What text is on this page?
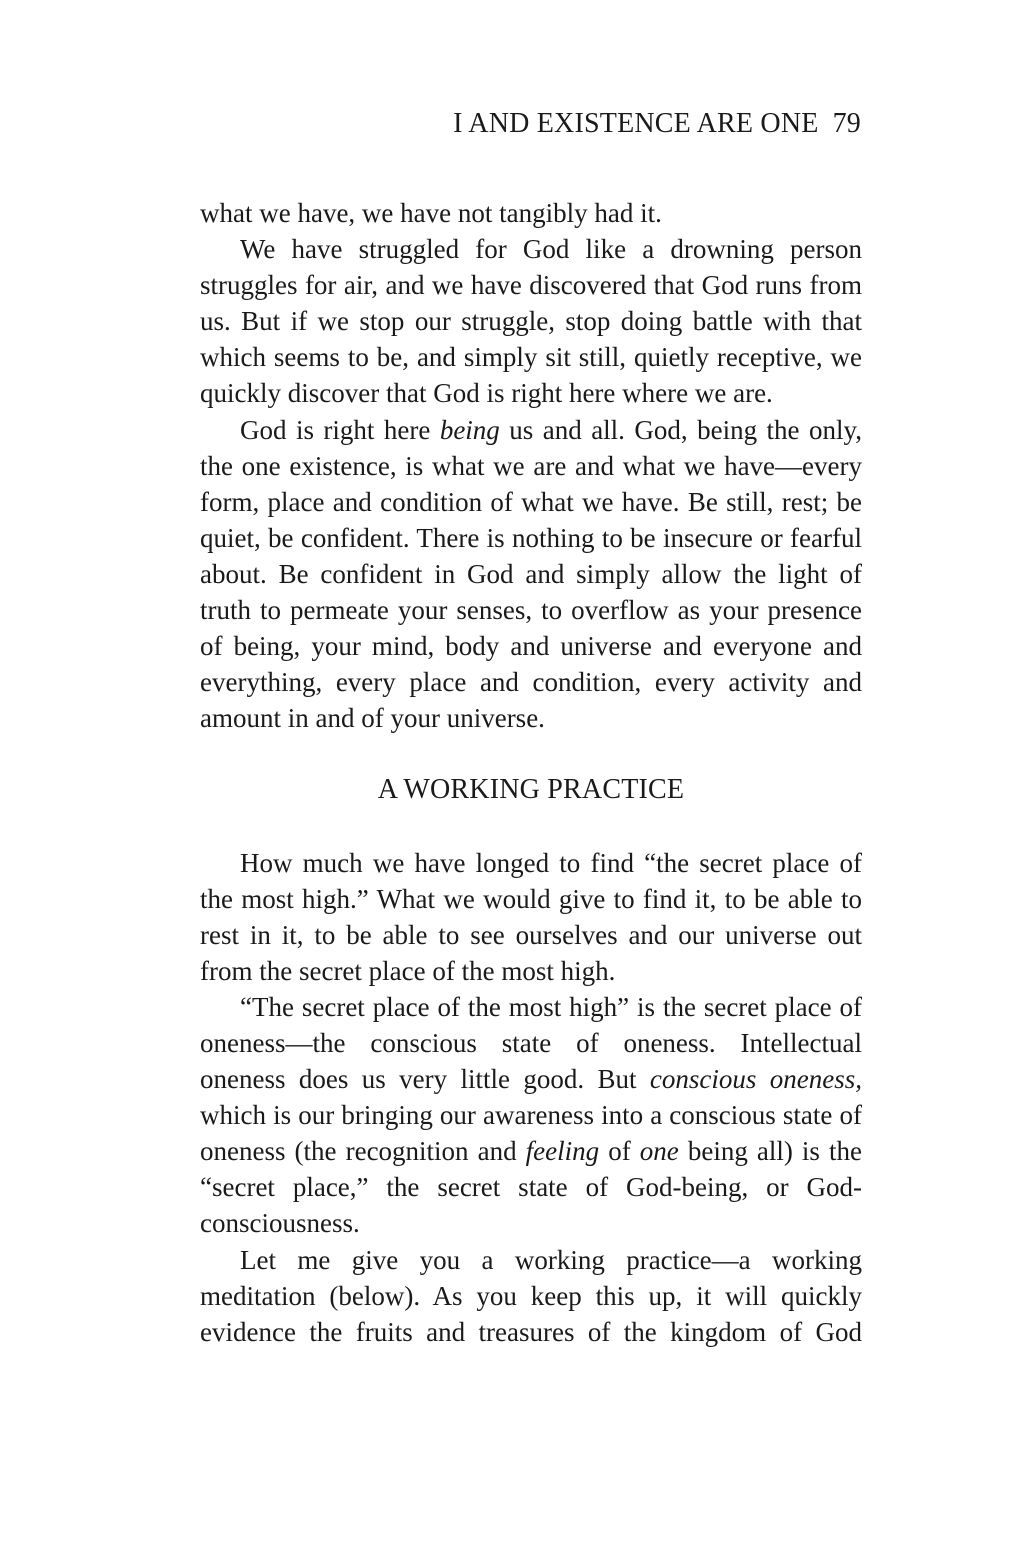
I AND EXISTENCE ARE ONE 79

what we have, we have not tangibly had it.

We have struggled for God like a drowning person struggles for air, and we have discovered that God runs from us. But if we stop our struggle, stop doing battle with that which seems to be, and simply sit still, quietly receptive, we quickly discover that God is right here where we are.

God is right here being us and all. God, being the only, the one existence, is what we are and what we have—every form, place and condition of what we have. Be still, rest; be quiet, be confident. There is nothing to be insecure or fearful about. Be confident in God and simply allow the light of truth to permeate your senses, to overflow as your presence of being, your mind, body and universe and everyone and everything, every place and condition, every activity and amount in and of your universe.

A WORKING PRACTICE

How much we have longed to find “the secret place of the most high.” What we would give to find it, to be able to rest in it, to be able to see ourselves and our universe out from the secret place of the most high.

“The secret place of the most high” is the secret place of oneness—the conscious state of oneness. Intellectual oneness does us very little good. But conscious oneness, which is our bringing our awareness into a conscious state of oneness (the recognition and feeling of one being all) is the “secret place,” the secret state of God-being, or God-consciousness.

Let me give you a working practice—a working meditation (below). As you keep this up, it will quickly evidence the fruits and treasures of the kingdom of God
